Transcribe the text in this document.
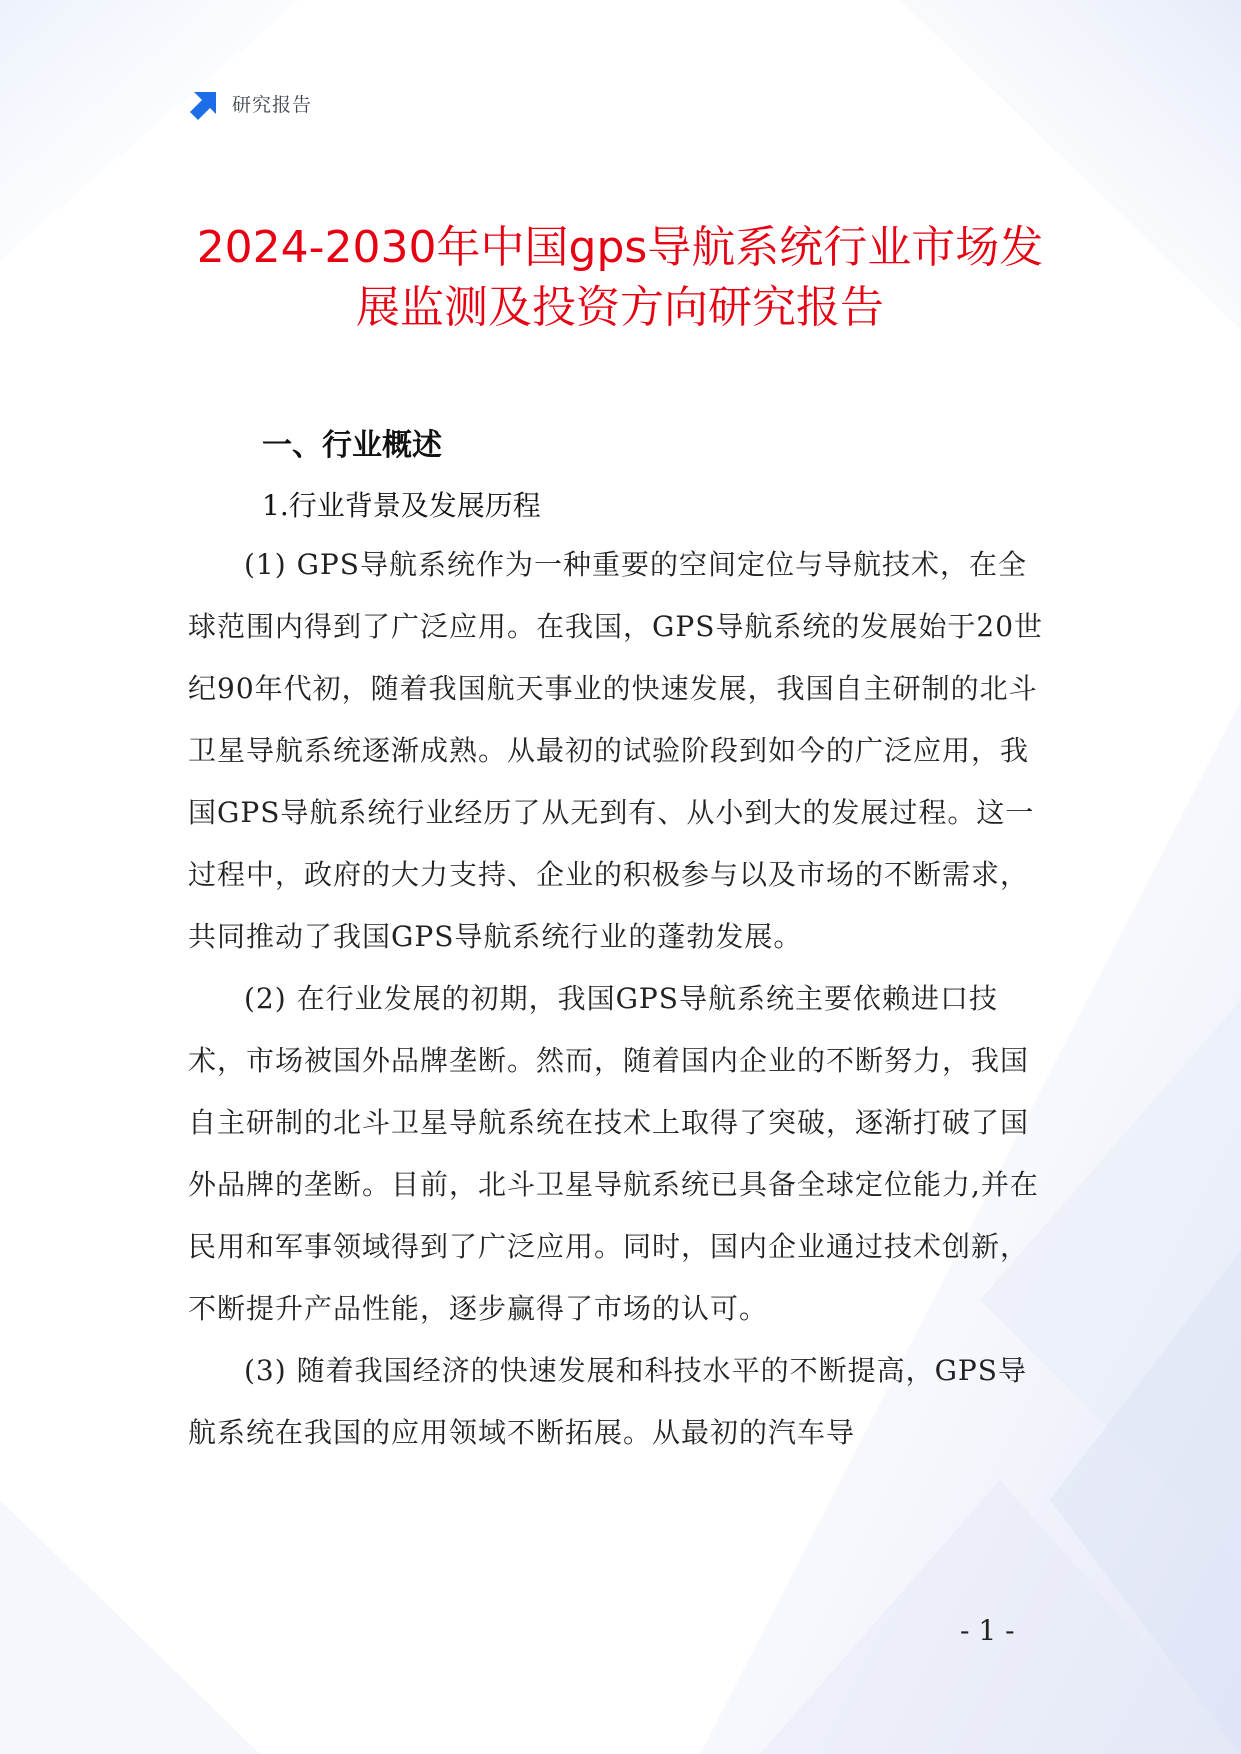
研究报告
2024-2030年中国gps导航系统行业市场发
展监测及投资方向研究报告
一、行业概述
1.行业背景及发展历程

(1) GPS导航系统作为一种重要的空间定位与导航技术，在全球范围内得到了广泛应用。在我国，GPS导航系统的发展始于20世纪90年代初，随着我国航天事业的快速发展，我国自主研制的北斗卫星导航系统逐渐成熟。从最初的试验阶段到如今的广泛应用，我国GPS导航系统行业经历了从无到有、从小到大的发展过程。这一过程中，政府的大力支持、企业的积极参与以及市场的不断需求，共同推动了我国GPS导航系统行业的蓬勃发展。

(2) 在行业发展的初期，我国GPS导航系统主要依赖进口技术，市场被国外品牌垄断。然而，随着国内企业的不断努力，我国自主研制的北斗卫星导航系统在技术上取得了突破，逐渐打破了国外品牌的垄断。目前，北斗卫星导航系统已具备全球定位能力,并在民用和军事领域得到了广泛应用。同时，国内企业通过技术创新，不断提升产品性能，逐步赢得了市场的认可。

(3) 随着我国经济的快速发展和科技水平的不断提高，GPS导航系统在我国的应用领域不断拓展。从最初的汽车导

- 1 -
